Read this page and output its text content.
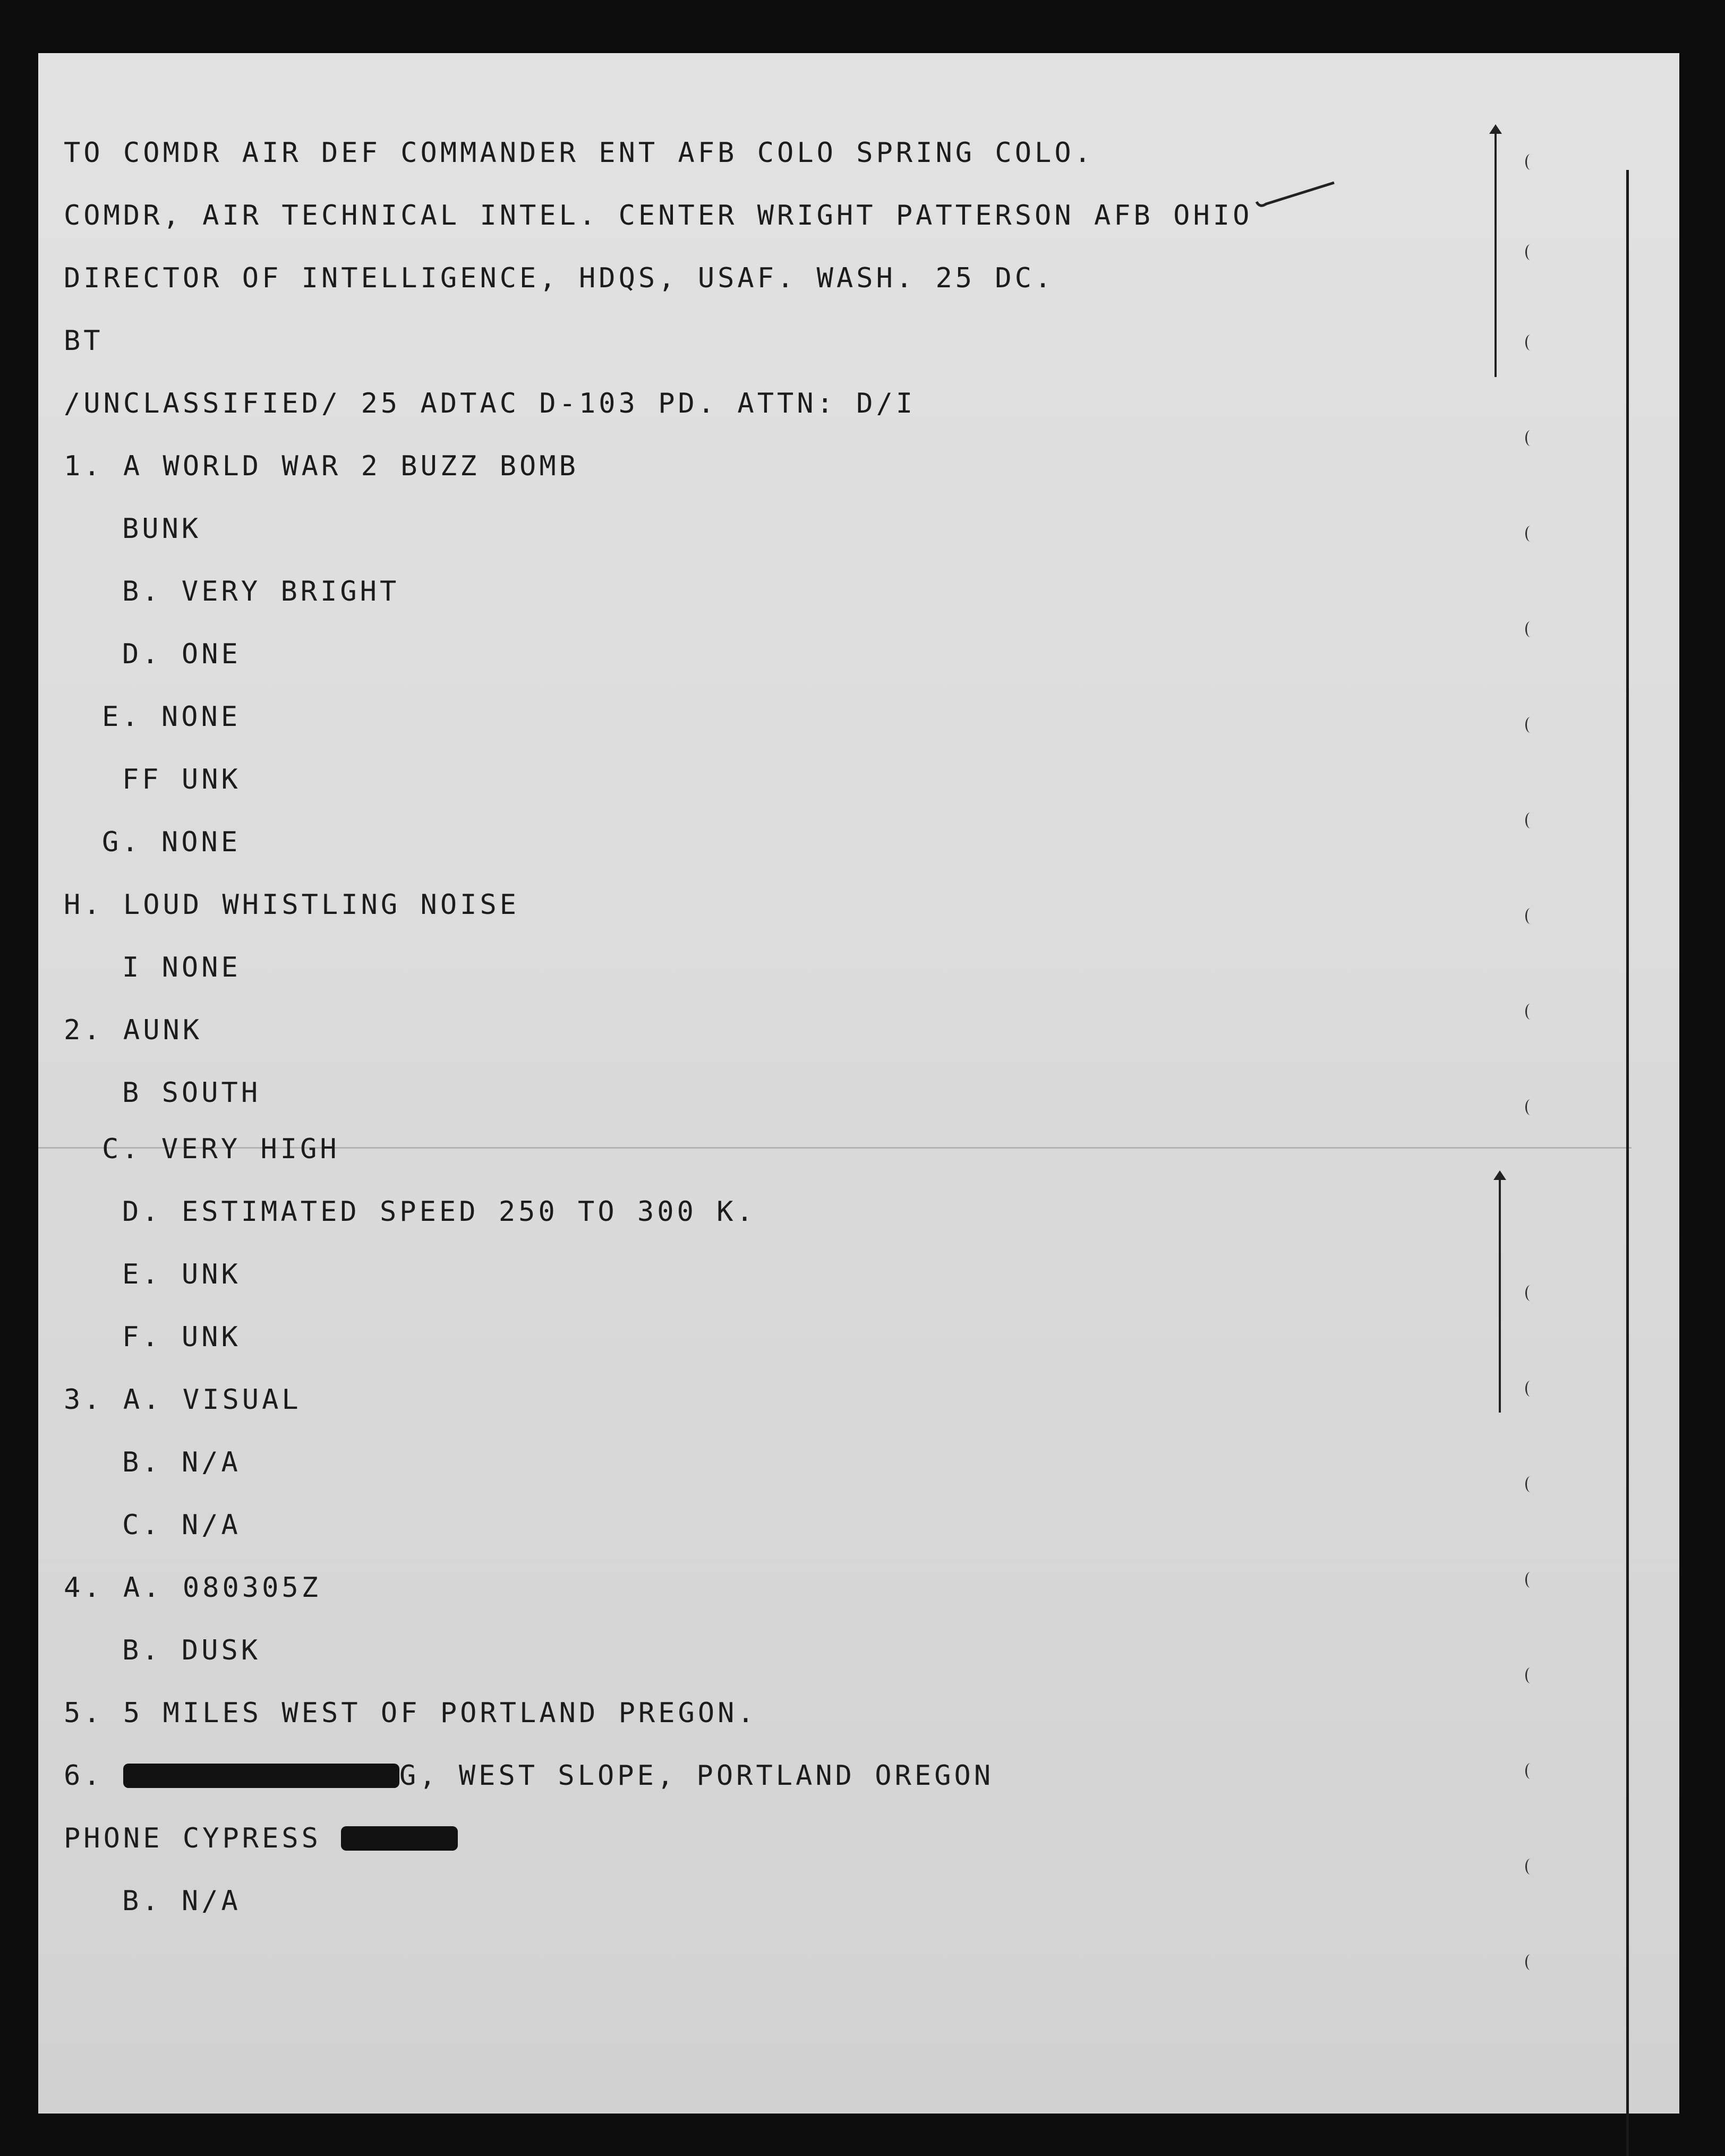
TO COMDR AIR DEF COMMANDER ENT AFB COLO SPRING COLO.
COMDR, AIR TECHNICAL INTEL. CENTER WRIGHT PATTERSON AFB OHIO
DIRECTOR OF INTELLIGENCE, HDQS, USAF. WASH. 25 DC.
BT
/UNCLASSIFIED/ 25 ADTAC D-103 PD. ATTN: D/I
1. A WORLD WAR 2 BUZZ BOMB
BUNK
B. VERY BRIGHT
D. ONE
E. NONE
FF UNK
G. NONE
H. LOUD WHISTLING NOISE
I NONE
2. AUNK
B SOUTH
C. VERY HIGH
D. ESTIMATED SPEED 250 TO 300 K.
E. UNK
F. UNK
3. A. VISUAL
B. N/A
C. N/A
4. A. 080305Z
B. DUSK
5. 5 MILES WEST OF PORTLAND PREGON.
6.	G, WEST SLOPE, PORTLAND OREGON
PHONE CYPRESS
B. N/A
